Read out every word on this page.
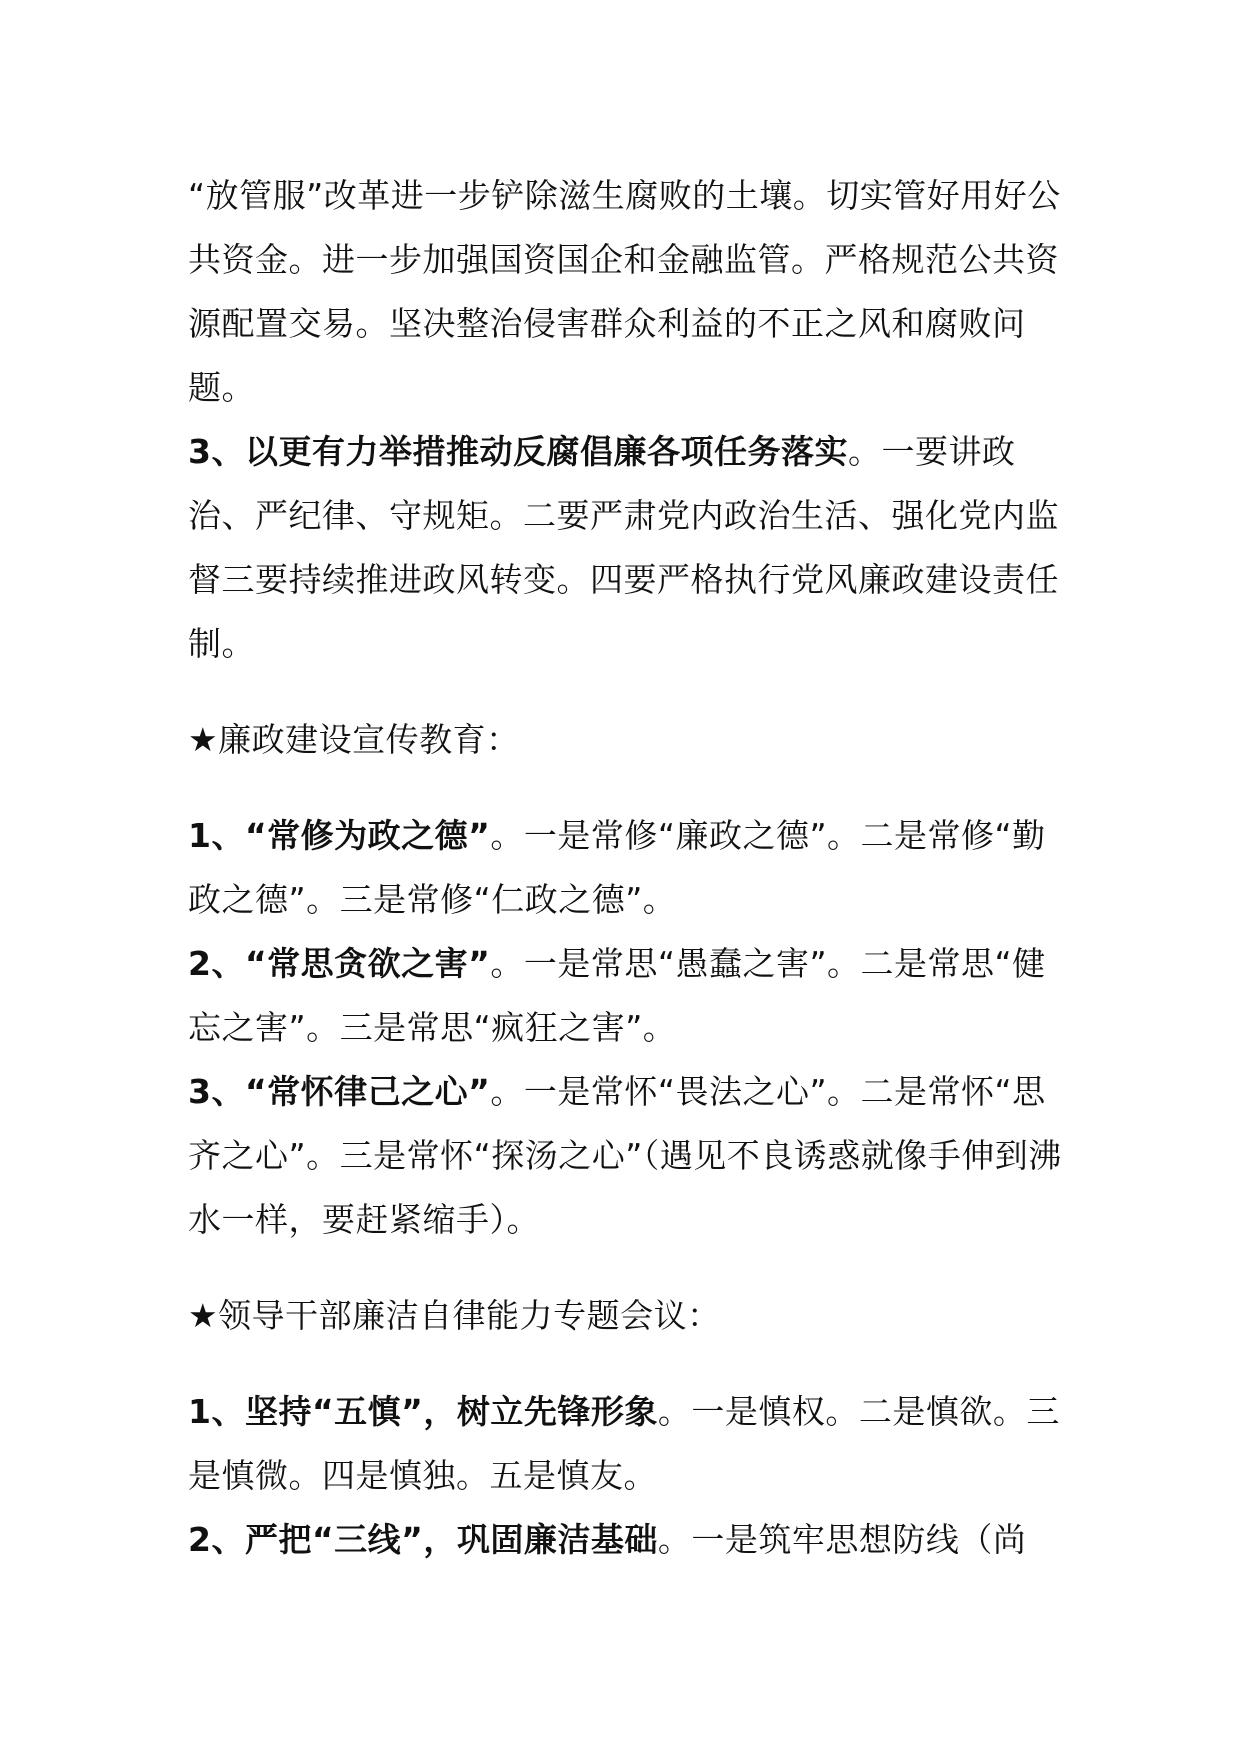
“放管服”改革进一步铲除滋生腐败的土壤。切实管好用好公共资金。进一步加强国资国企和金融监管。严格规范公共资源配置交易。坚决整治侵害群众利益的不正之风和腐败问题。

3、以更有力举措推动反腐倡廉各项任务落实。一要讲政治、严纪律、守规矩。二要严肃党内政治生活、强化党内监督三要持续推进政风转变。四要严格执行党风廉政建设责任制。

★廉政建设宣传教育：

1、“常修为政之德”。一是常修“廉政之德”。二是常修“勤政之德”。三是常修“仁政之德”。

2、“常思贪欲之害”。一是常思“愚蠢之害”。二是常思“健忘之害”。三是常思“疯狂之害”。

3、“常怀律己之心”。一是常怀“畏法之心”。二是常怀“思齐之心”。三是常怀“探汤之心”（遇见不良诱惑就像手伸到沸水一样，要赶紧缩手）。

★领导干部廉洁自律能力专题会议：

1、坚持“五慎”，树立先锋形象。一是慎权。二是慎欲。三是慎微。四是慎独。五是慎友。

2、严把“三线”，巩固廉洁基础。一是筑牢思想防线（尚
